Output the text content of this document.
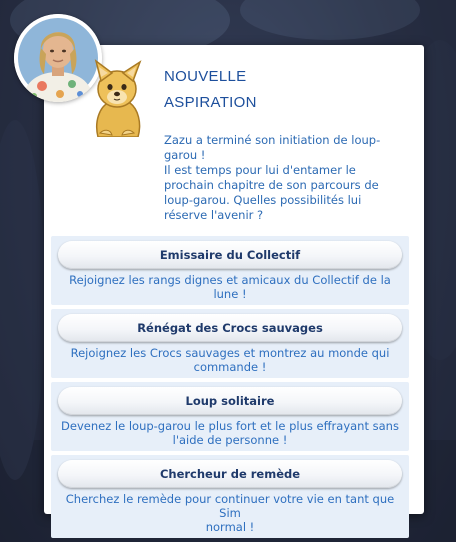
nouvelle
aspiration
Zazu a terminé son initiation de loup-
garou !
Il est temps pour lui d'entamer le
prochain chapitre de son parcours de
loup-garou. Quelles possibilités lui
réserve l'avenir ?
Emissaire du Collectif
Rejoignez les rangs dignes et amicaux du Collectif de la lune !
Rénégat des Crocs sauvages
Rejoignez les Crocs sauvages et montrez au monde qui
commande !
Loup solitaire
Devenez le loup-garou le plus fort et le plus effrayant sans
l'aide de personne !
Chercheur de remède
Cherchez le remède pour continuer votre vie en tant que Sim
normal !
